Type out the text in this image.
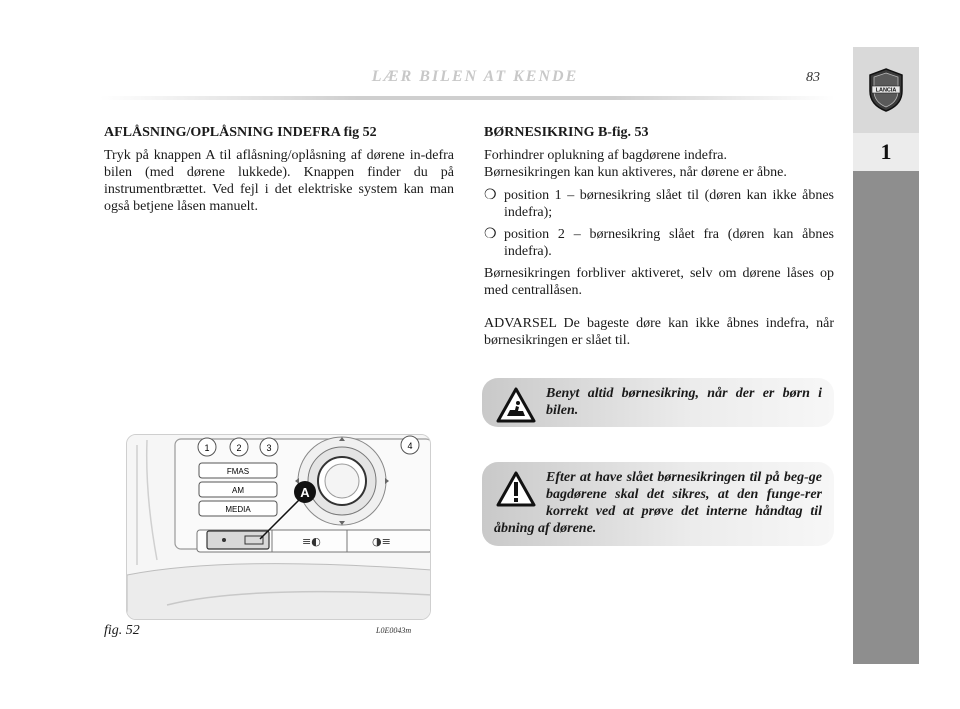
LÆR BILEN AT KENDE	83
LANCIA
1
AFLÅSNING/OPLÅSNING INDEFRA fig 52
Tryk på knappen A til aflåsning/oplåsning af dørene in-defra bilen (med dørene lukkede). Knappen finder du på instrumentbrættet. Ved fejl i det elektriske system kan man også betjene låsen manuelt.
BØRNESIKRING B-fig. 53
Forhindrer oplukning af bagdørene indefra.
Børnesikringen kan kun aktiveres, når dørene er åbne.
❍ position 1 – børnesikring slået til (døren kan ikke åbnes indefra);
❍ position 2 – børnesikring slået fra (døren kan åbnes indefra).
Børnesikringen forbliver aktiveret, selv om dørene låses op med centrallåsen.
ADVARSEL De bageste døre kan ikke åbnes indefra, når børnesikringen er slået til.
Benyt altid børnesikring, når der er børn i bilen.
Efter at have slået børnesikringen til på beg-ge bagdørene skal det sikres, at den funge-rer korrekt ved at prøve det interne håndtag til åbning af dørene.
1	2	3	4
FMAS
AM
MEDIA
≡◐	◑≡
A
fig. 52	L0E0043m
